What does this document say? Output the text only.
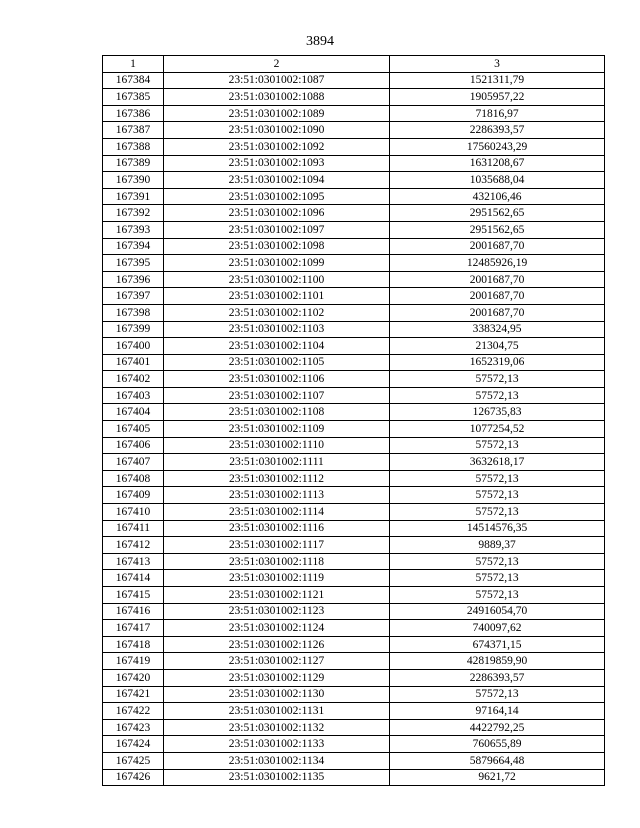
3894
1	2	3
167384	23:51:0301002:1087	1521311,79
167385	23:51:0301002:1088	1905957,22
167386	23:51:0301002:1089	71816,97
167387	23:51:0301002:1090	2286393,57
167388	23:51:0301002:1092	17560243,29
167389	23:51:0301002:1093	1631208,67
167390	23:51:0301002:1094	1035688,04
167391	23:51:0301002:1095	432106,46
167392	23:51:0301002:1096	2951562,65
167393	23:51:0301002:1097	2951562,65
167394	23:51:0301002:1098	2001687,70
167395	23:51:0301002:1099	12485926,19
167396	23:51:0301002:1100	2001687,70
167397	23:51:0301002:1101	2001687,70
167398	23:51:0301002:1102	2001687,70
167399	23:51:0301002:1103	338324,95
167400	23:51:0301002:1104	21304,75
167401	23:51:0301002:1105	1652319,06
167402	23:51:0301002:1106	57572,13
167403	23:51:0301002:1107	57572,13
167404	23:51:0301002:1108	126735,83
167405	23:51:0301002:1109	1077254,52
167406	23:51:0301002:1110	57572,13
167407	23:51:0301002:1111	3632618,17
167408	23:51:0301002:1112	57572,13
167409	23:51:0301002:1113	57572,13
167410	23:51:0301002:1114	57572,13
167411	23:51:0301002:1116	14514576,35
167412	23:51:0301002:1117	9889,37
167413	23:51:0301002:1118	57572,13
167414	23:51:0301002:1119	57572,13
167415	23:51:0301002:1121	57572,13
167416	23:51:0301002:1123	24916054,70
167417	23:51:0301002:1124	740097,62
167418	23:51:0301002:1126	674371,15
167419	23:51:0301002:1127	42819859,90
167420	23:51:0301002:1129	2286393,57
167421	23:51:0301002:1130	57572,13
167422	23:51:0301002:1131	97164,14
167423	23:51:0301002:1132	4422792,25
167424	23:51:0301002:1133	760655,89
167425	23:51:0301002:1134	5879664,48
167426	23:51:0301002:1135	9621,72
